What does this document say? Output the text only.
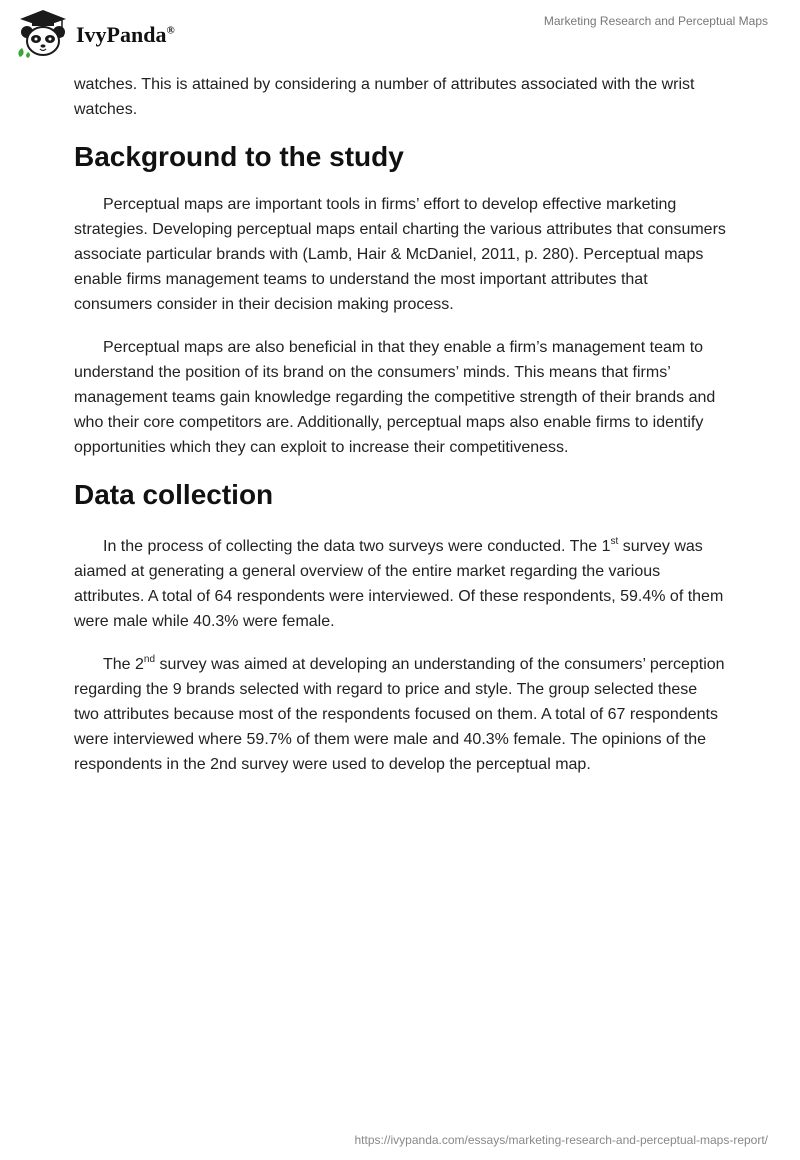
IvyPanda®
Marketing Research and Perceptual Maps

watches. This is attained by considering a number of attributes associated with the wrist watches.

Background to the study

Perceptual maps are important tools in firms’ effort to develop effective marketing strategies. Developing perceptual maps entail charting the various attributes that consumers associate particular brands with (Lamb, Hair & McDaniel, 2011, p. 280). Perceptual maps enable firms management teams to understand the most important attributes that consumers consider in their decision making process.

Perceptual maps are also beneficial in that they enable a firm’s management team to understand the position of its brand on the consumers’ minds. This means that firms’ management teams gain knowledge regarding the competitive strength of their brands and who their core competitors are. Additionally, perceptual maps also enable firms to identify opportunities which they can exploit to increase their competitiveness.

Data collection

In the process of collecting the data two surveys were conducted. The 1st survey was aiamed at generating a general overview of the entire market regarding the various attributes. A total of 64 respondents were interviewed. Of these respondents, 59.4% of them were male while 40.3% were female.

The 2nd survey was aimed at developing an understanding of the consumers’ perception regarding the 9 brands selected with regard to price and style. The group selected these two attributes because most of the respondents focused on them. A total of 67 respondents were interviewed where 59.7% of them were male and 40.3% female. The opinions of the respondents in the 2nd survey were used to develop the perceptual map.

https://ivypanda.com/essays/marketing-research-and-perceptual-maps-report/
